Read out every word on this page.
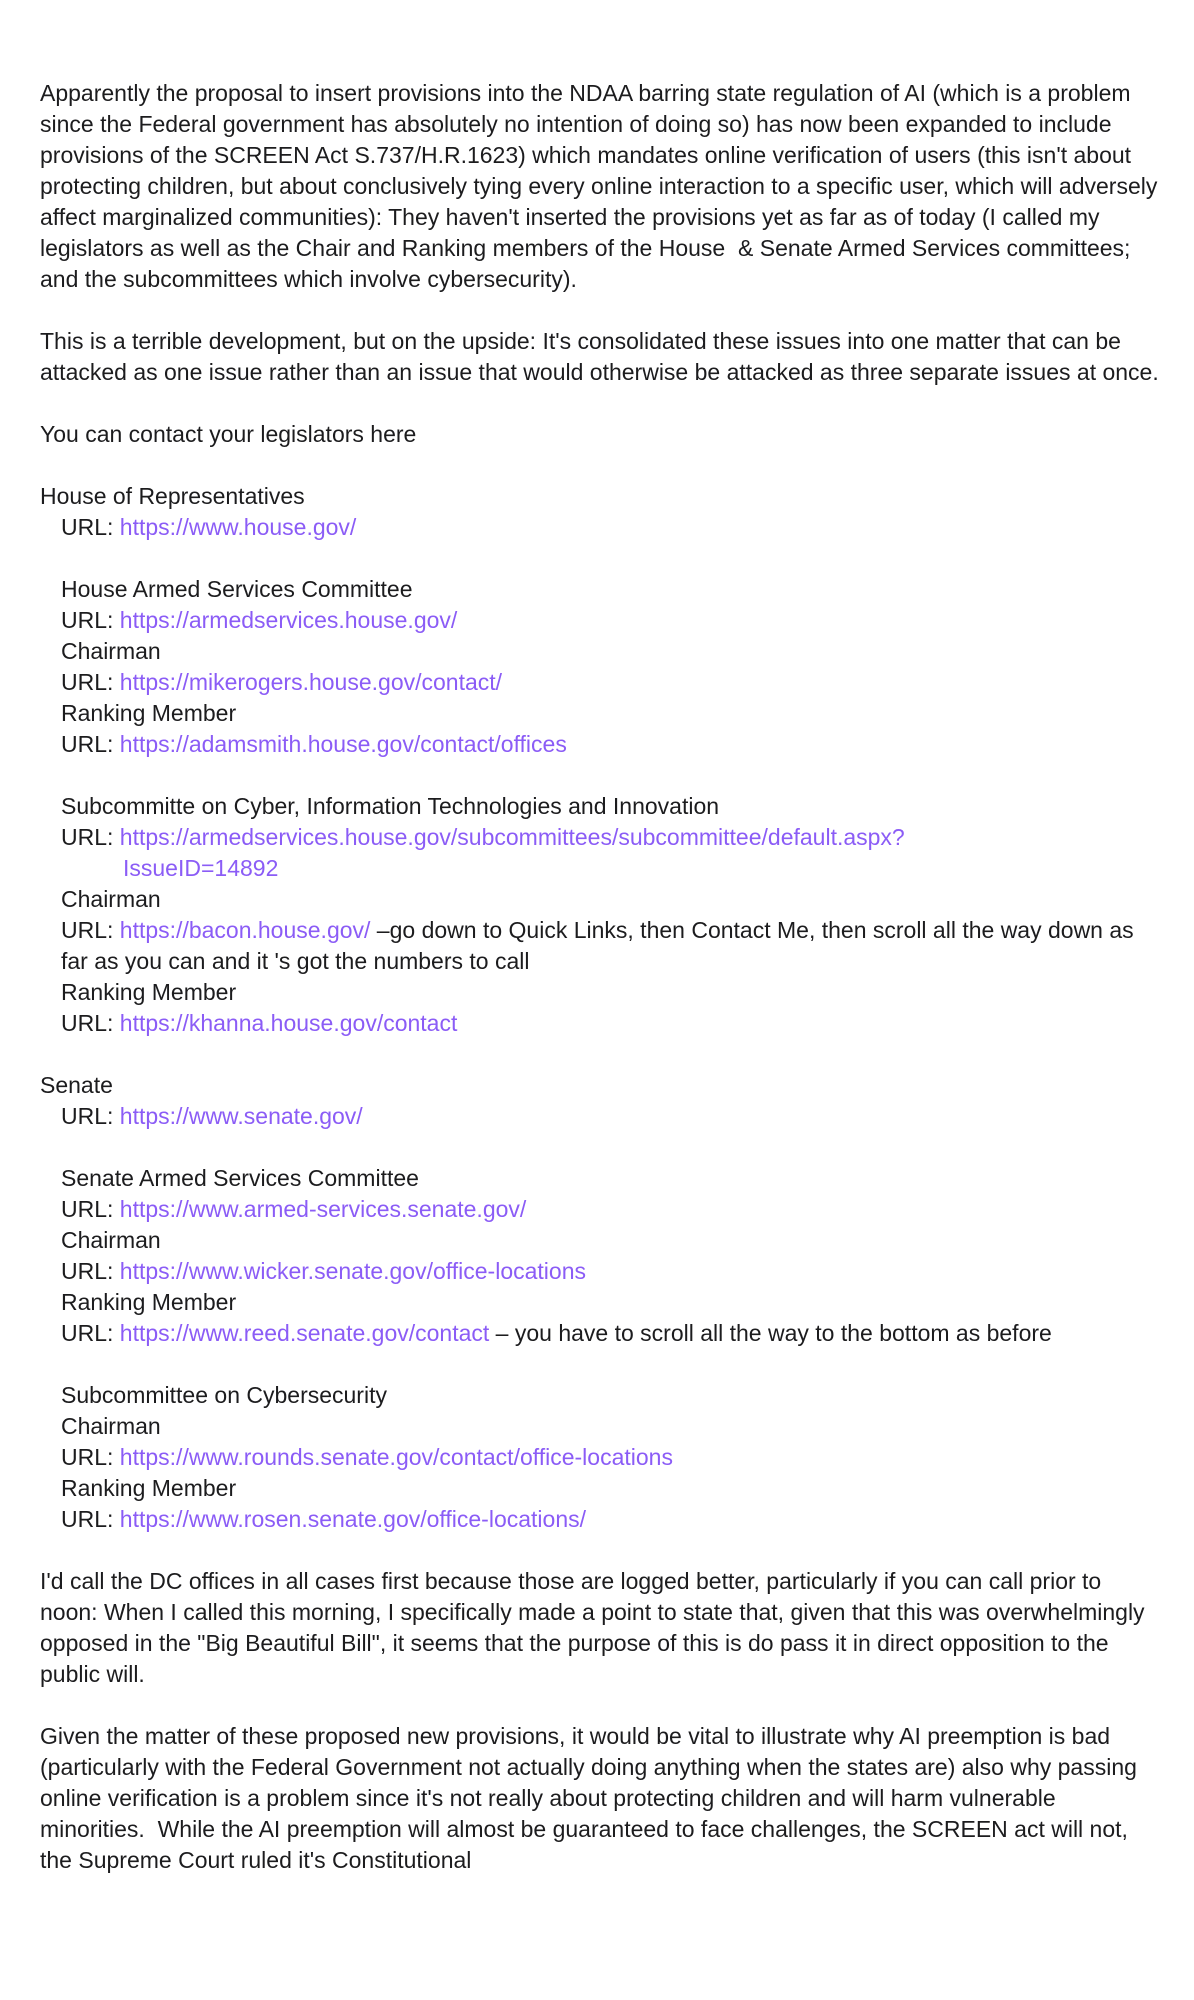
Apparently the proposal to insert provisions into the NDAA barring state regulation of AI (which is a problem since the Federal government has absolutely no intention of doing so) has now been expanded to include provisions of the SCREEN Act S.737/H.R.1623) which mandates online verification of users (this isn't about protecting children, but about conclusively tying every online interaction to a specific user, which will adversely affect marginalized communities): They haven't inserted the provisions yet as far as of today (I called my legislators as well as the Chair and Ranking members of the House  & Senate Armed Services committees; and the subcommittees which involve cybersecurity).

This is a terrible development, but on the upside: It's consolidated these issues into one matter that can be attacked as one issue rather than an issue that would otherwise be attacked as three separate issues at once.

You can contact your legislators here

House of Representatives
URL: https://www.house.gov/

House Armed Services Committee
URL: https://armedservices.house.gov/
Chairman
URL: https://mikerogers.house.gov/contact/
Ranking Member
URL: https://adamsmith.house.gov/contact/offices

Subcommitte on Cyber, Information Technologies and Innovation
URL: https://armedservices.house.gov/subcommittees/subcommittee/default.aspx?
IssueID=14892
Chairman
URL: https://bacon.house.gov/ –go down to Quick Links, then Contact Me, then scroll all the way down as far as you can and it 's got the numbers to call
Ranking Member
URL: https://khanna.house.gov/contact

Senate
URL: https://www.senate.gov/

Senate Armed Services Committee
URL: https://www.armed-services.senate.gov/
Chairman
URL: https://www.wicker.senate.gov/office-locations
Ranking Member
URL: https://www.reed.senate.gov/contact – you have to scroll all the way to the bottom as before

Subcommittee on Cybersecurity
Chairman
URL: https://www.rounds.senate.gov/contact/office-locations
Ranking Member
URL: https://www.rosen.senate.gov/office-locations/

I'd call the DC offices in all cases first because those are logged better, particularly if you can call prior to noon: When I called this morning, I specifically made a point to state that, given that this was overwhelmingly opposed in the "Big Beautiful Bill", it seems that the purpose of this is do pass it in direct opposition to the public will.

Given the matter of these proposed new provisions, it would be vital to illustrate why AI preemption is bad (particularly with the Federal Government not actually doing anything when the states are) also why passing online verification is a problem since it's not really about protecting children and will harm vulnerable minorities.  While the AI preemption will almost be guaranteed to face challenges, the SCREEN act will not, the Supreme Court ruled it's Constitutional
